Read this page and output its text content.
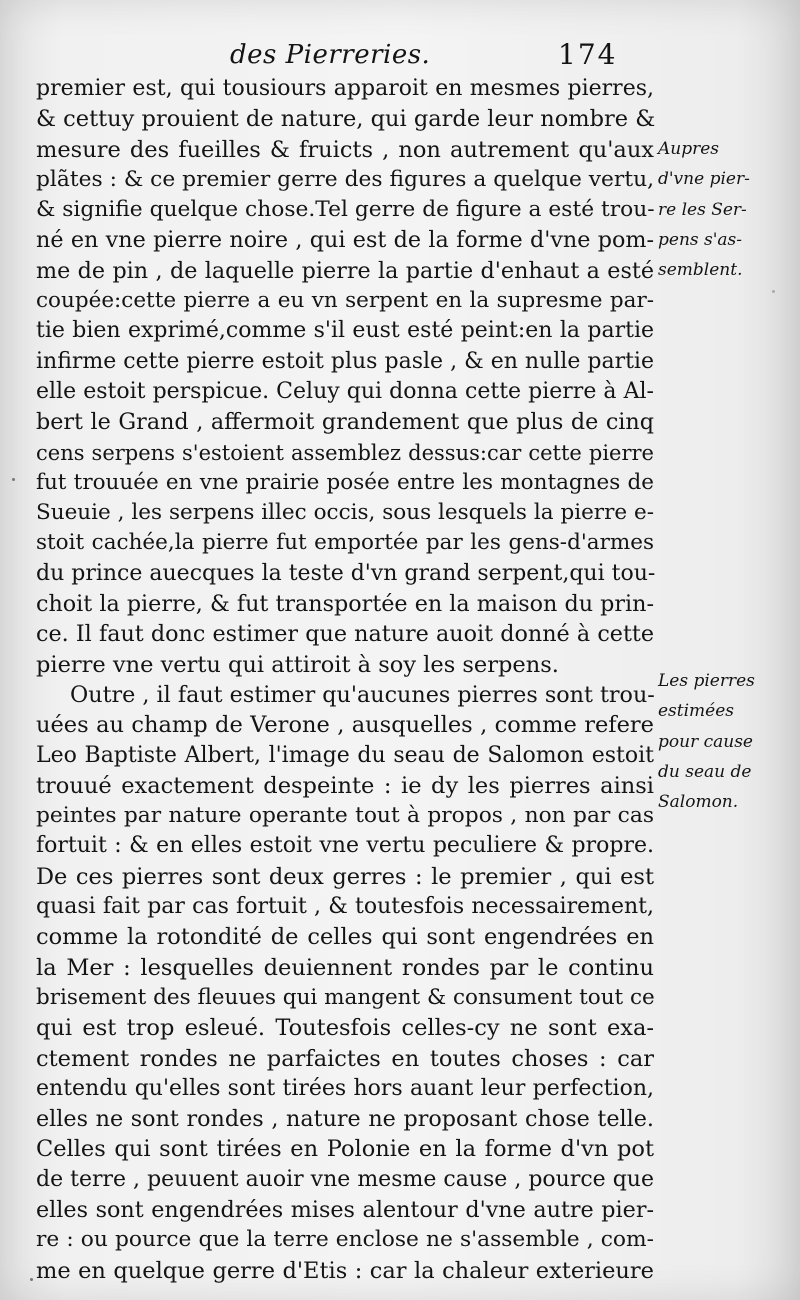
des Pierreries.	174
premier est, qui tousiours apparoit en mesmes pierres,
& cettuy prouient de nature, qui garde leur nombre &
mesure des fueilles & fruicts , non autrement qu'aux
plãtes : & ce premier gerre des figures a quelque vertu,
& signifie quelque chose.Tel gerre de figure a esté trou-
né en vne pierre noire , qui est de la forme d'vne pom-
me de pin , de laquelle pierre la partie d'enhaut a esté
coupée:cette pierre a eu vn serpent en la supresme par-
tie bien exprimé,comme s'il eust esté peint:en la partie
infirme cette pierre estoit plus pasle , & en nulle partie
elle estoit perspicue. Celuy qui donna cette pierre à Al-
bert le Grand , affermoit grandement que plus de cinq
cens serpens s'estoient assemblez dessus:car cette pierre
fut trouuée en vne prairie posée entre les montagnes de
Sueuie , les serpens illec occis, sous lesquels la pierre e-
stoit cachée,la pierre fut emportée par les gens-d'armes
du prince auecques la teste d'vn grand serpent,qui tou-
choit la pierre, & fut transportée en la maison du prin-
ce. Il faut donc estimer que nature auoit donné à cette
pierre vne vertu qui attiroit à soy les serpens.
Outre , il faut estimer qu'aucunes pierres sont trou-
uées au champ de Verone , ausquelles , comme refere
Leo Baptiste Albert, l'image du seau de Salomon estoit
trouué exactement despeinte : ie dy les pierres ainsi
peintes par nature operante tout à propos , non par cas
fortuit : & en elles estoit vne vertu peculiere & propre.
De ces pierres sont deux gerres : le premier , qui est
quasi fait par cas fortuit , & toutesfois necessairement,
comme la rotondité de celles qui sont engendrées en
la Mer : lesquelles deuiennent rondes par le continu
brisement des fleuues qui mangent & consument tout ce
qui est trop esleué. Toutesfois celles-cy ne sont exa-
ctement rondes ne parfaictes en toutes choses : car
entendu qu'elles sont tirées hors auant leur perfection,
elles ne sont rondes , nature ne proposant chose telle.
Celles qui sont tirées en Polonie en la forme d'vn pot
de terre , peuuent auoir vne mesme cause , pource que
elles sont engendrées mises alentour d'vne autre pier-
re : ou pource que la terre enclose ne s'assemble , com-
me en quelque gerre d'Etis : car la chaleur exterieure
Aupres
d'vne pier-
re les Ser-
pens s'as-
semblent.
Les pierres
estimées
pour cause
du seau de
Salomon.
